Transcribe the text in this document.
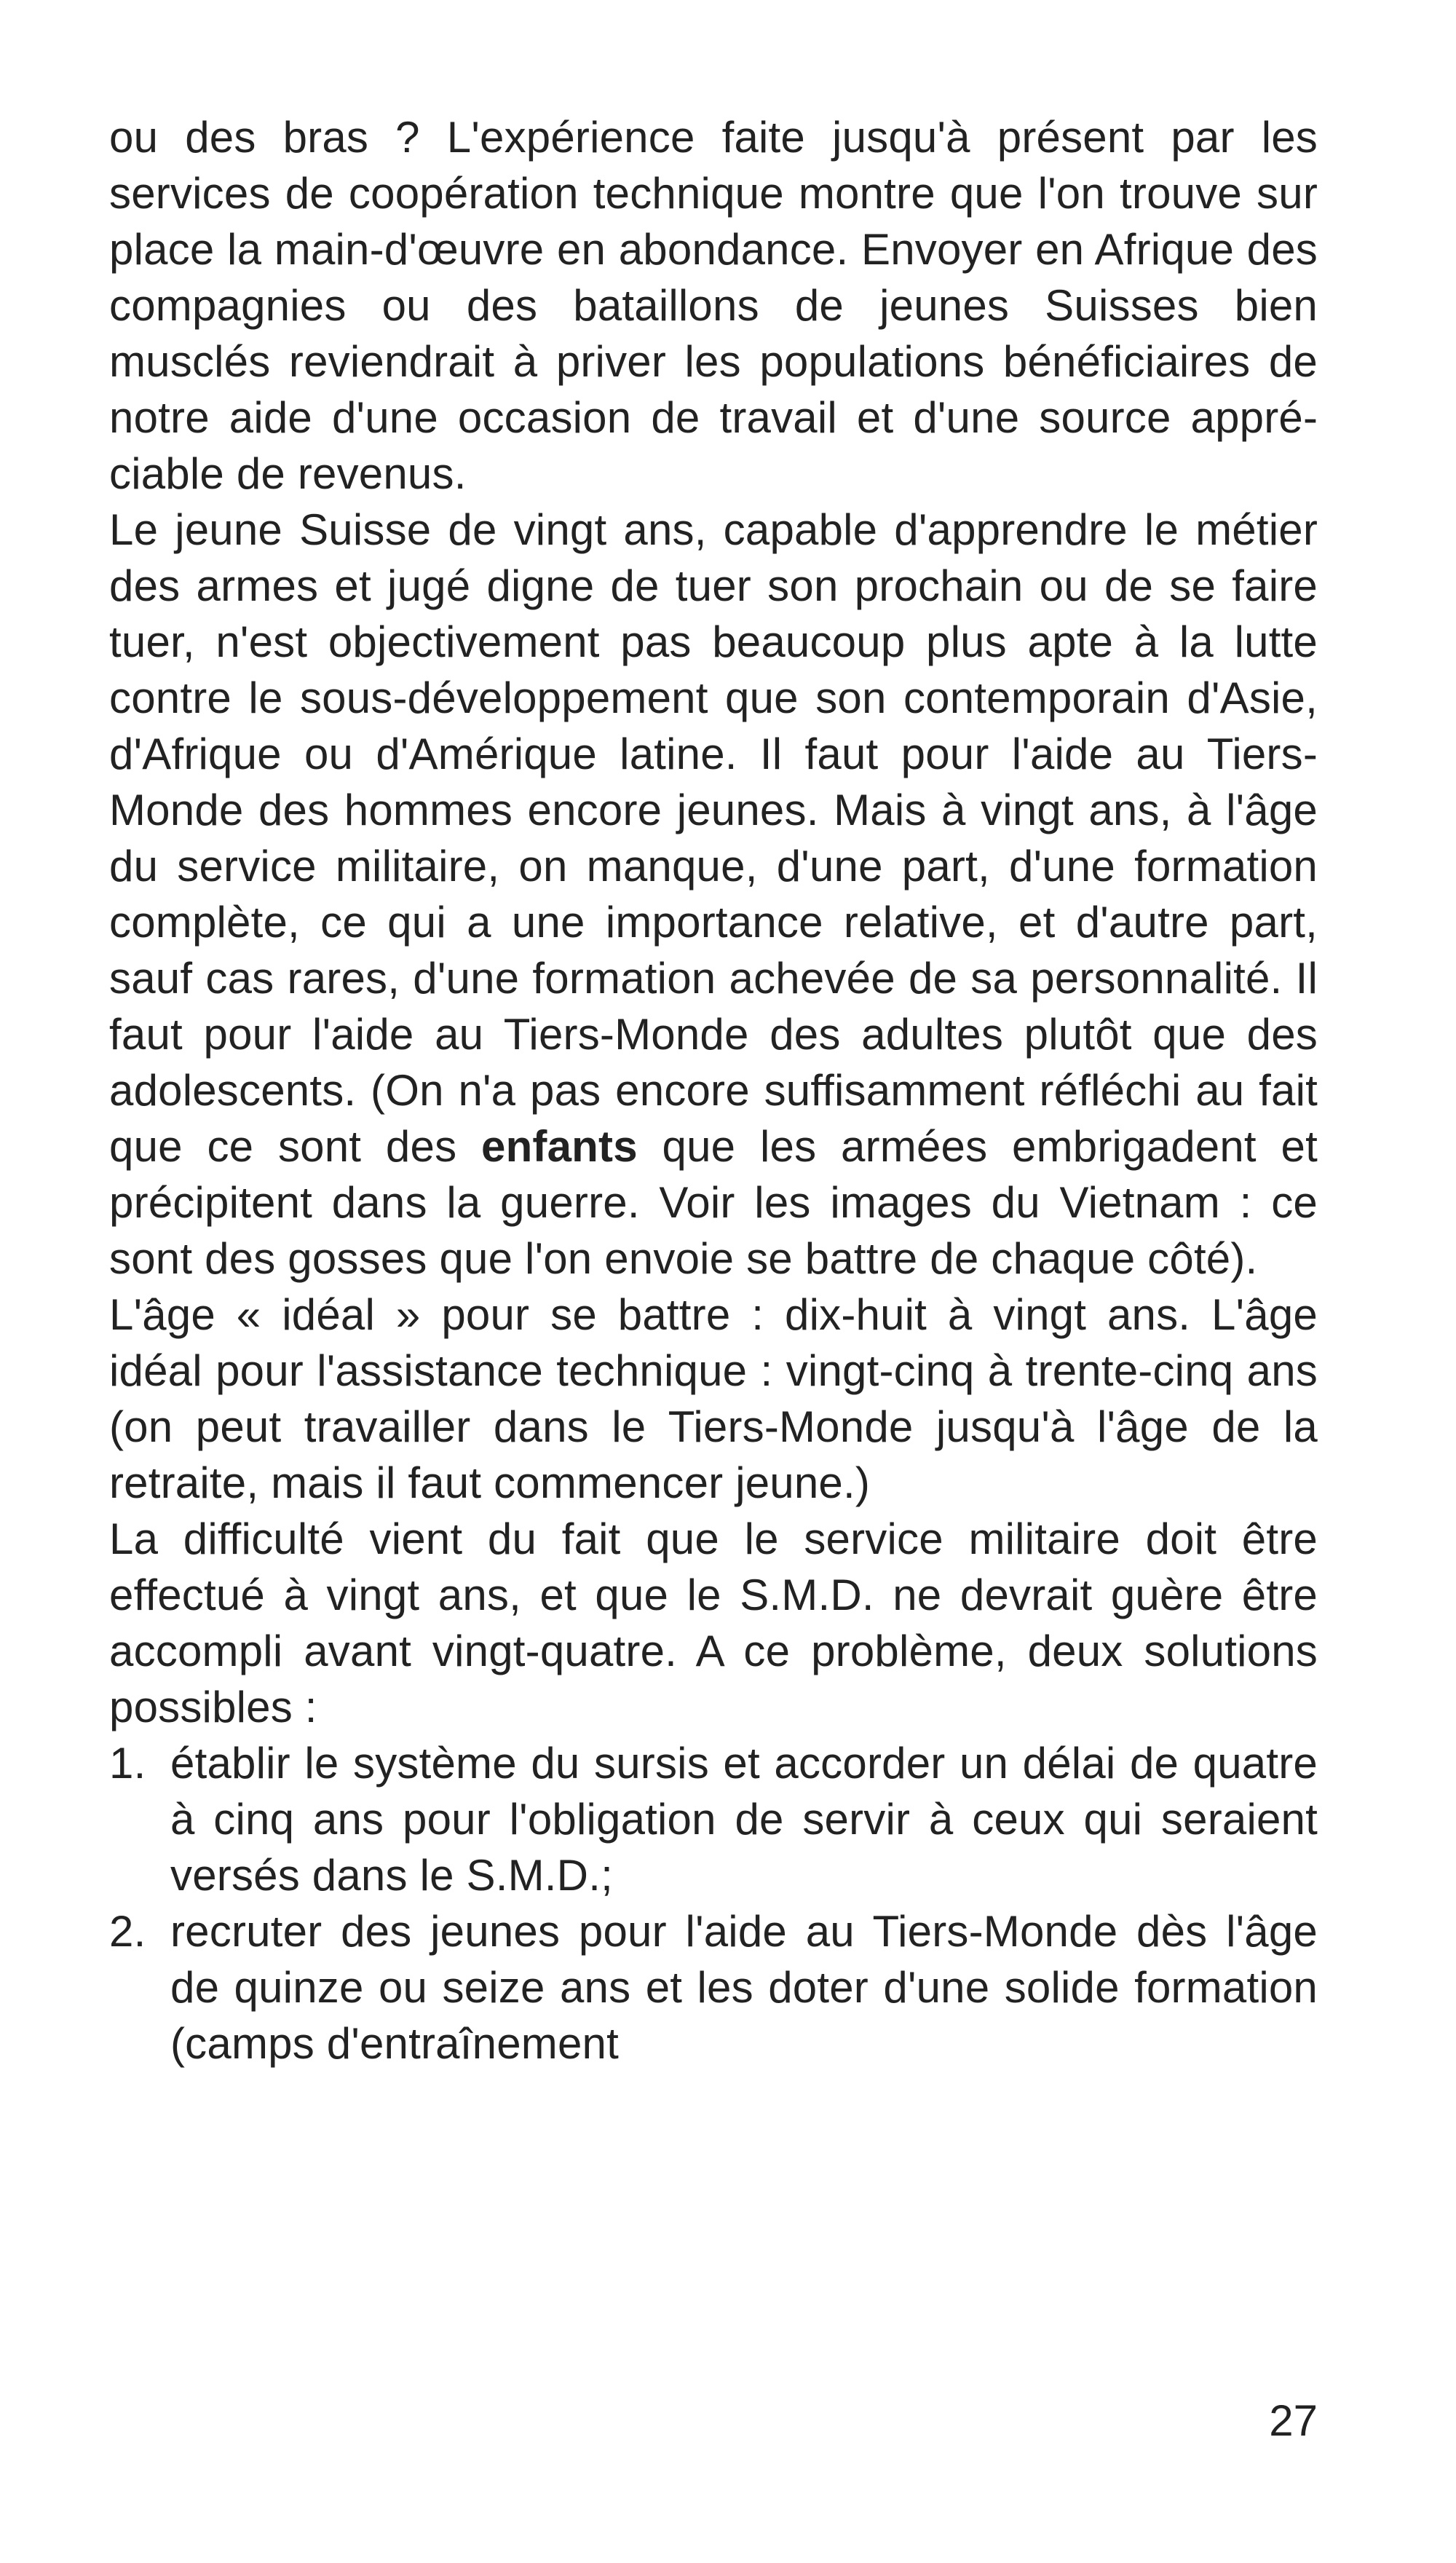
ou des bras ? L'expérience faite jusqu'à présent par les services de coopération technique montre que l'on trouve sur place la main-d'œuvre en abondance. Envoyer en Afrique des compagnies ou des bataillons de jeunes Suisses bien musclés reviendrait à priver les populations bénéficiaires de notre aide d'une occasion de travail et d'une source appréciable de revenus.

Le jeune Suisse de vingt ans, capable d'apprendre le métier des armes et jugé digne de tuer son prochain ou de se faire tuer, n'est objectivement pas beaucoup plus apte à la lutte contre le sous-développement que son contemporain d'Asie, d'Afrique ou d'Amérique latine. Il faut pour l'aide au Tiers-Monde des hommes encore jeunes. Mais à vingt ans, à l'âge du service militaire, on manque, d'une part, d'une formation complète, ce qui a une importance relative, et d'autre part, sauf cas rares, d'une formation achevée de sa personnalité. Il faut pour l'aide au Tiers-Monde des adultes plutôt que des adolescents. (On n'a pas encore suffisamment réfléchi au fait que ce sont des enfants que les armées embrigadent et précipitent dans la guerre. Voir les images du Vietnam : ce sont des gosses que l'on envoie se battre de chaque côté).

L'âge « idéal » pour se battre : dix-huit à vingt ans. L'âge idéal pour l'assistance technique : vingt-cinq à trente-cinq ans (on peut travailler dans le Tiers-Monde jusqu'à l'âge de la retraite, mais il faut commencer jeune.)

La difficulté vient du fait que le service militaire doit être effectué à vingt ans, et que le S.M.D. ne devrait guère être accompli avant vingt-quatre. A ce problème, deux solutions possibles :

1. établir le système du sursis et accorder un délai de quatre à cinq ans pour l'obligation de servir à ceux qui seraient versés dans le S.M.D.;
2. recruter des jeunes pour l'aide au Tiers-Monde dès l'âge de quinze ou seize ans et les doter d'une solide formation (camps d'entraînement
27
